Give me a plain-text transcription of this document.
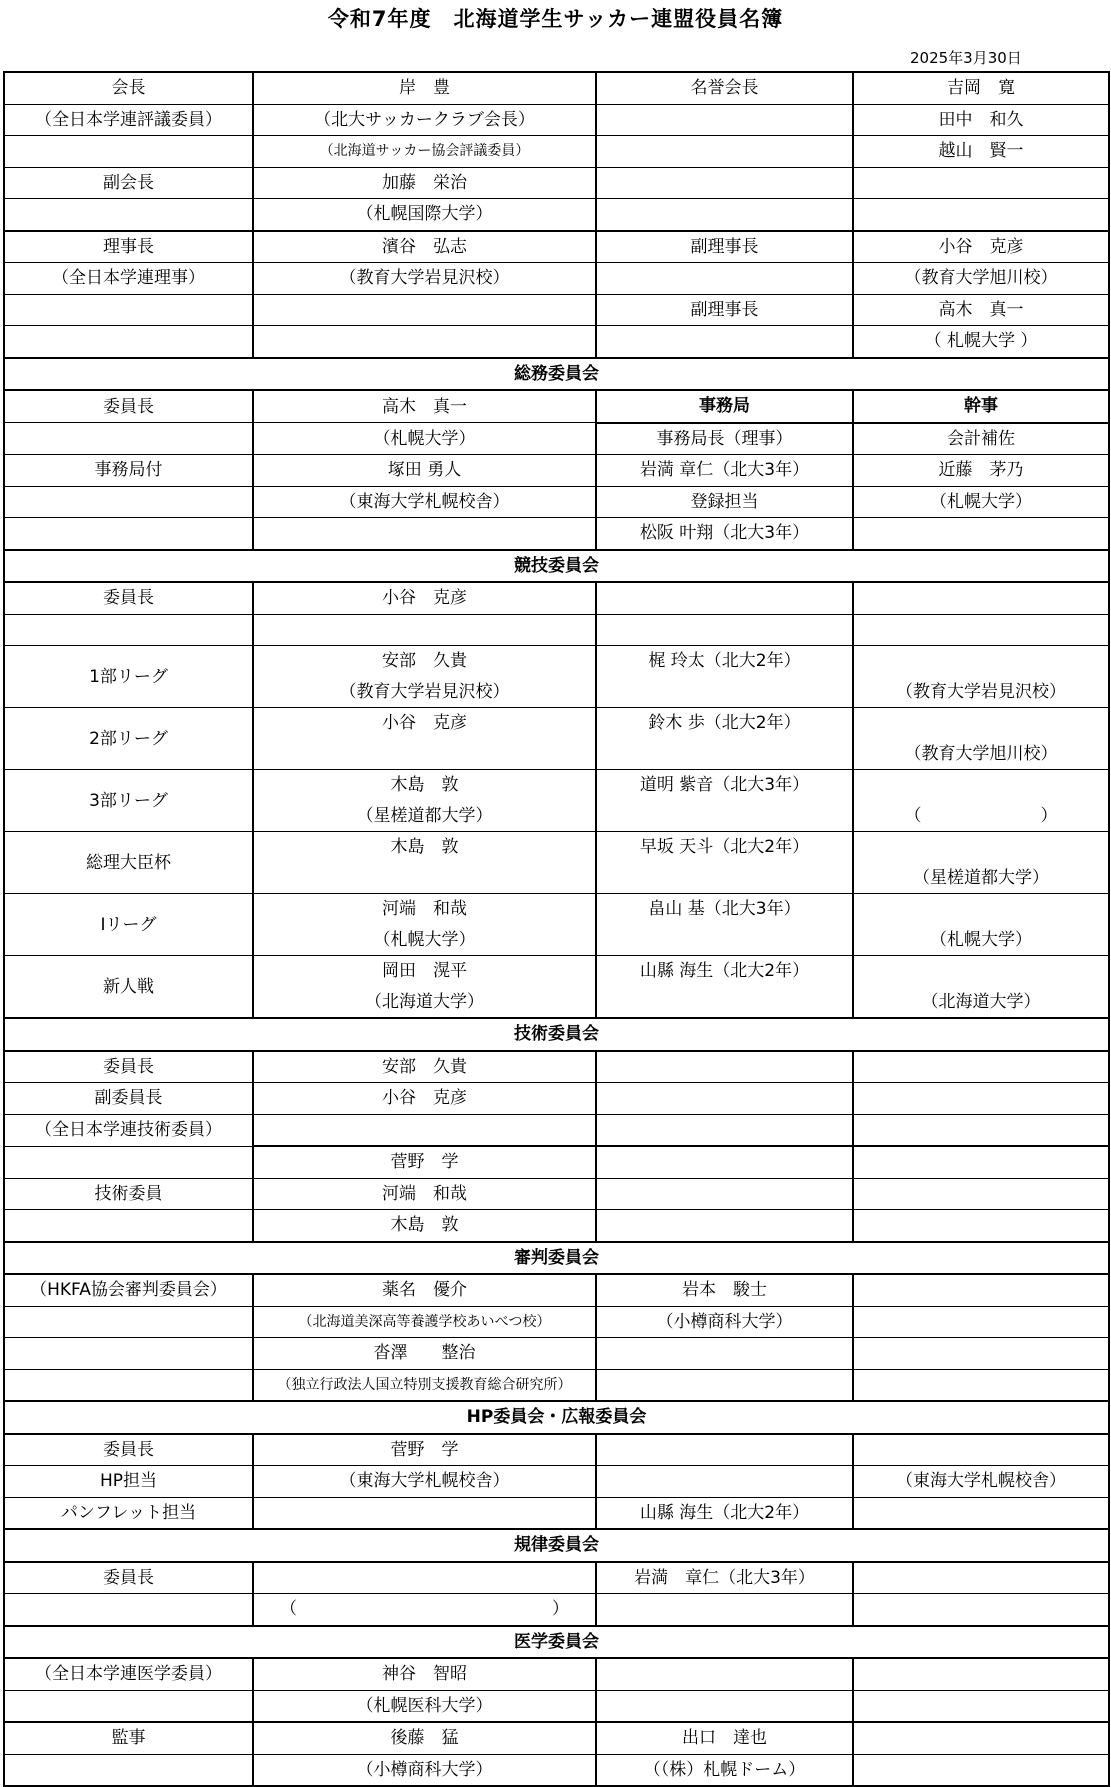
令和7年度　北海道学生サッカー連盟役員名簿
2025年3月30日
会長	岸　豊	名誉会長	吉岡　寛
（全日本学連評議委員）	（北大サッカークラブ会長）		田中　和久
	（北海道サッカー協会評議委員）		越山　賢一
副会長	加藤　栄治		
	（札幌国際大学）		
理事長	濱谷　弘志	副理事長	小谷　克彦
（全日本学連理事）	（教育大学岩見沢校）		（教育大学旭川校）
		副理事長	高木　真一
			（ 札幌大学 ）
総務委員会			
委員長	高木　真一	事務局	幹事
	（札幌大学）	事務局長（理事）	会計補佐
事務局付	塚田 勇人	岩満 章仁（北大3年）	近藤　茅乃
	（東海大学札幌校舎）	登録担当	（札幌大学）
		松阪 叶翔（北大3年）	
競技委員会			
委員長	小谷　克彦		

1部リーグ	安部　久貴	梶 玲太（北大2年）	
	（教育大学岩見沢校）		（教育大学岩見沢校）
2部リーグ	小谷　克彦	鈴木 歩（北大2年）	
			（教育大学旭川校）
3部リーグ	木島　敦	道明 紫音（北大3年）	
	（星槎道都大学）		（　　　　　　　）
総理大臣杯	木島　敦	早坂 天斗（北大2年）	
			（星槎道都大学）
Iリーグ	河端　和哉	畠山 基（北大3年）	
	（札幌大学）		（札幌大学）
新人戦	岡田　滉平	山縣 海生（北大2年）	
	（北海道大学）		（北海道大学）
技術委員会			
委員長	安部　久貴		
副委員長	小谷　克彦		
（全日本学連技術委員）			
	菅野　学		
技術委員	河端　和哉		
	木島　敦		
審判委員会			
（HKFA協会審判委員会）	薬名　優介	岩本　駿士	
	（北海道美深高等養護学校あいべつ校）	（小樽商科大学）	
	沓澤　　整治		
	（独立行政法人国立特別支援教育総合研究所）		
HP委員会・広報委員会			
委員長	菅野　学		
HP担当	（東海大学札幌校舎）		（東海大学札幌校舎）
パンフレット担当		山縣 海生（北大2年）	
規律委員会			
委員長		岩満　章仁（北大3年）	
	（　　　　　　　　　　　　　　　）		
医学委員会			
（全日本学連医学委員）	神谷　智昭		
	（札幌医科大学）		
監事	後藤　猛	出口　達也	
	（小樽商科大学）	（（株）札幌ドーム）	
